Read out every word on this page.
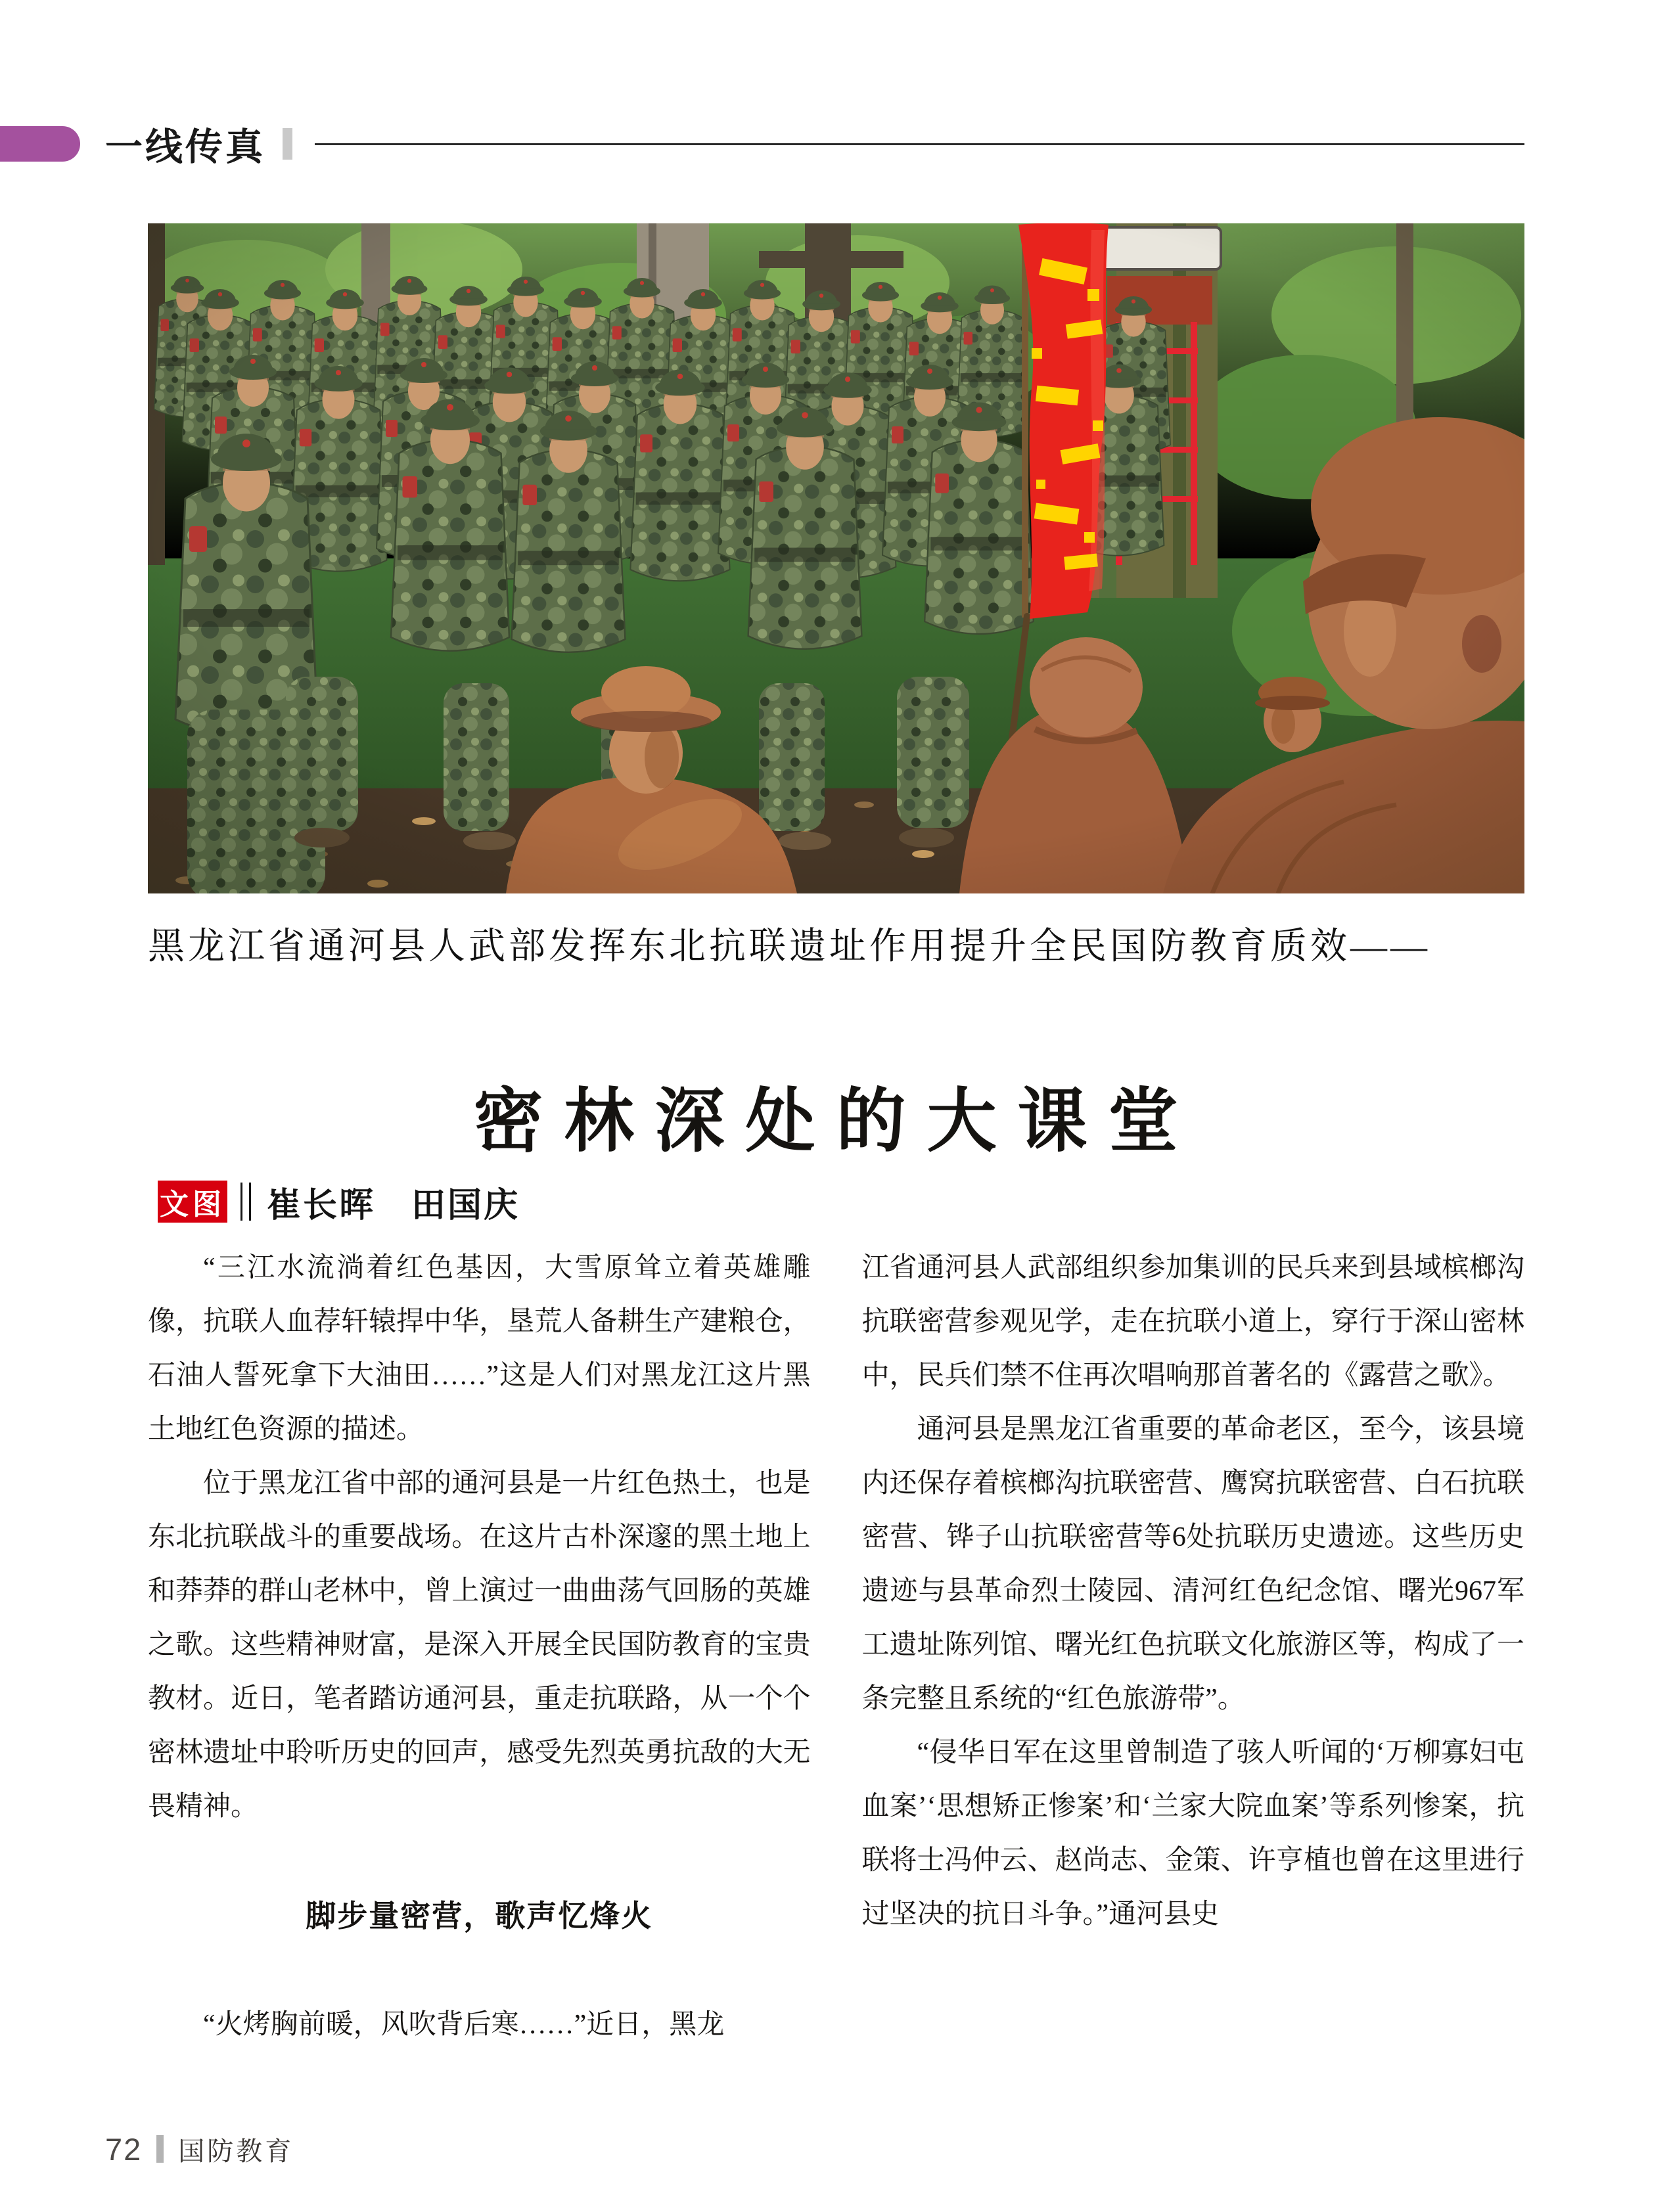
一线传真
黑龙江省通河县人武部发挥东北抗联遗址作用提升全民国防教育质效——
密林深处的大课堂
文图 崔长晖　田国庆

“三江水流淌着红色基因，大雪原耸立着英雄雕像，抗联人血荐轩辕捍中华，垦荒人备耕生产建粮仓，石油人誓死拿下大油田……”这是人们对黑龙江这片黑土地红色资源的描述。

位于黑龙江省中部的通河县是一片红色热土，也是东北抗联战斗的重要战场。在这片古朴深邃的黑土地上和莽莽的群山老林中，曾上演过一曲曲荡气回肠的英雄之歌。这些精神财富，是深入开展全民国防教育的宝贵教材。近日，笔者踏访通河县，重走抗联路，从一个个密林遗址中聆听历史的回声，感受先烈英勇抗敌的大无畏精神。

脚步量密营，歌声忆烽火

“火烤胸前暖，风吹背后寒……”近日，黑龙

江省通河县人武部组织参加集训的民兵来到县域槟榔沟抗联密营参观见学，走在抗联小道上，穿行于深山密林中，民兵们禁不住再次唱响那首著名的《露营之歌》。

通河县是黑龙江省重要的革命老区，至今，该县境内还保存着槟榔沟抗联密营、鹰窝抗联密营、白石抗联密营、铧子山抗联密营等6处抗联历史遗迹。这些历史遗迹与县革命烈士陵园、清河红色纪念馆、曙光967军工遗址陈列馆、曙光红色抗联文化旅游区等，构成了一条完整且系统的“红色旅游带”。

“侵华日军在这里曾制造了骇人听闻的‘万柳寡妇屯血案’‘思想矫正惨案’和‘兰家大院血案’等系列惨案，抗联将士冯仲云、赵尚志、金策、许亨植也曾在这里进行过坚决的抗日斗争。”通河县史

72 国防教育
